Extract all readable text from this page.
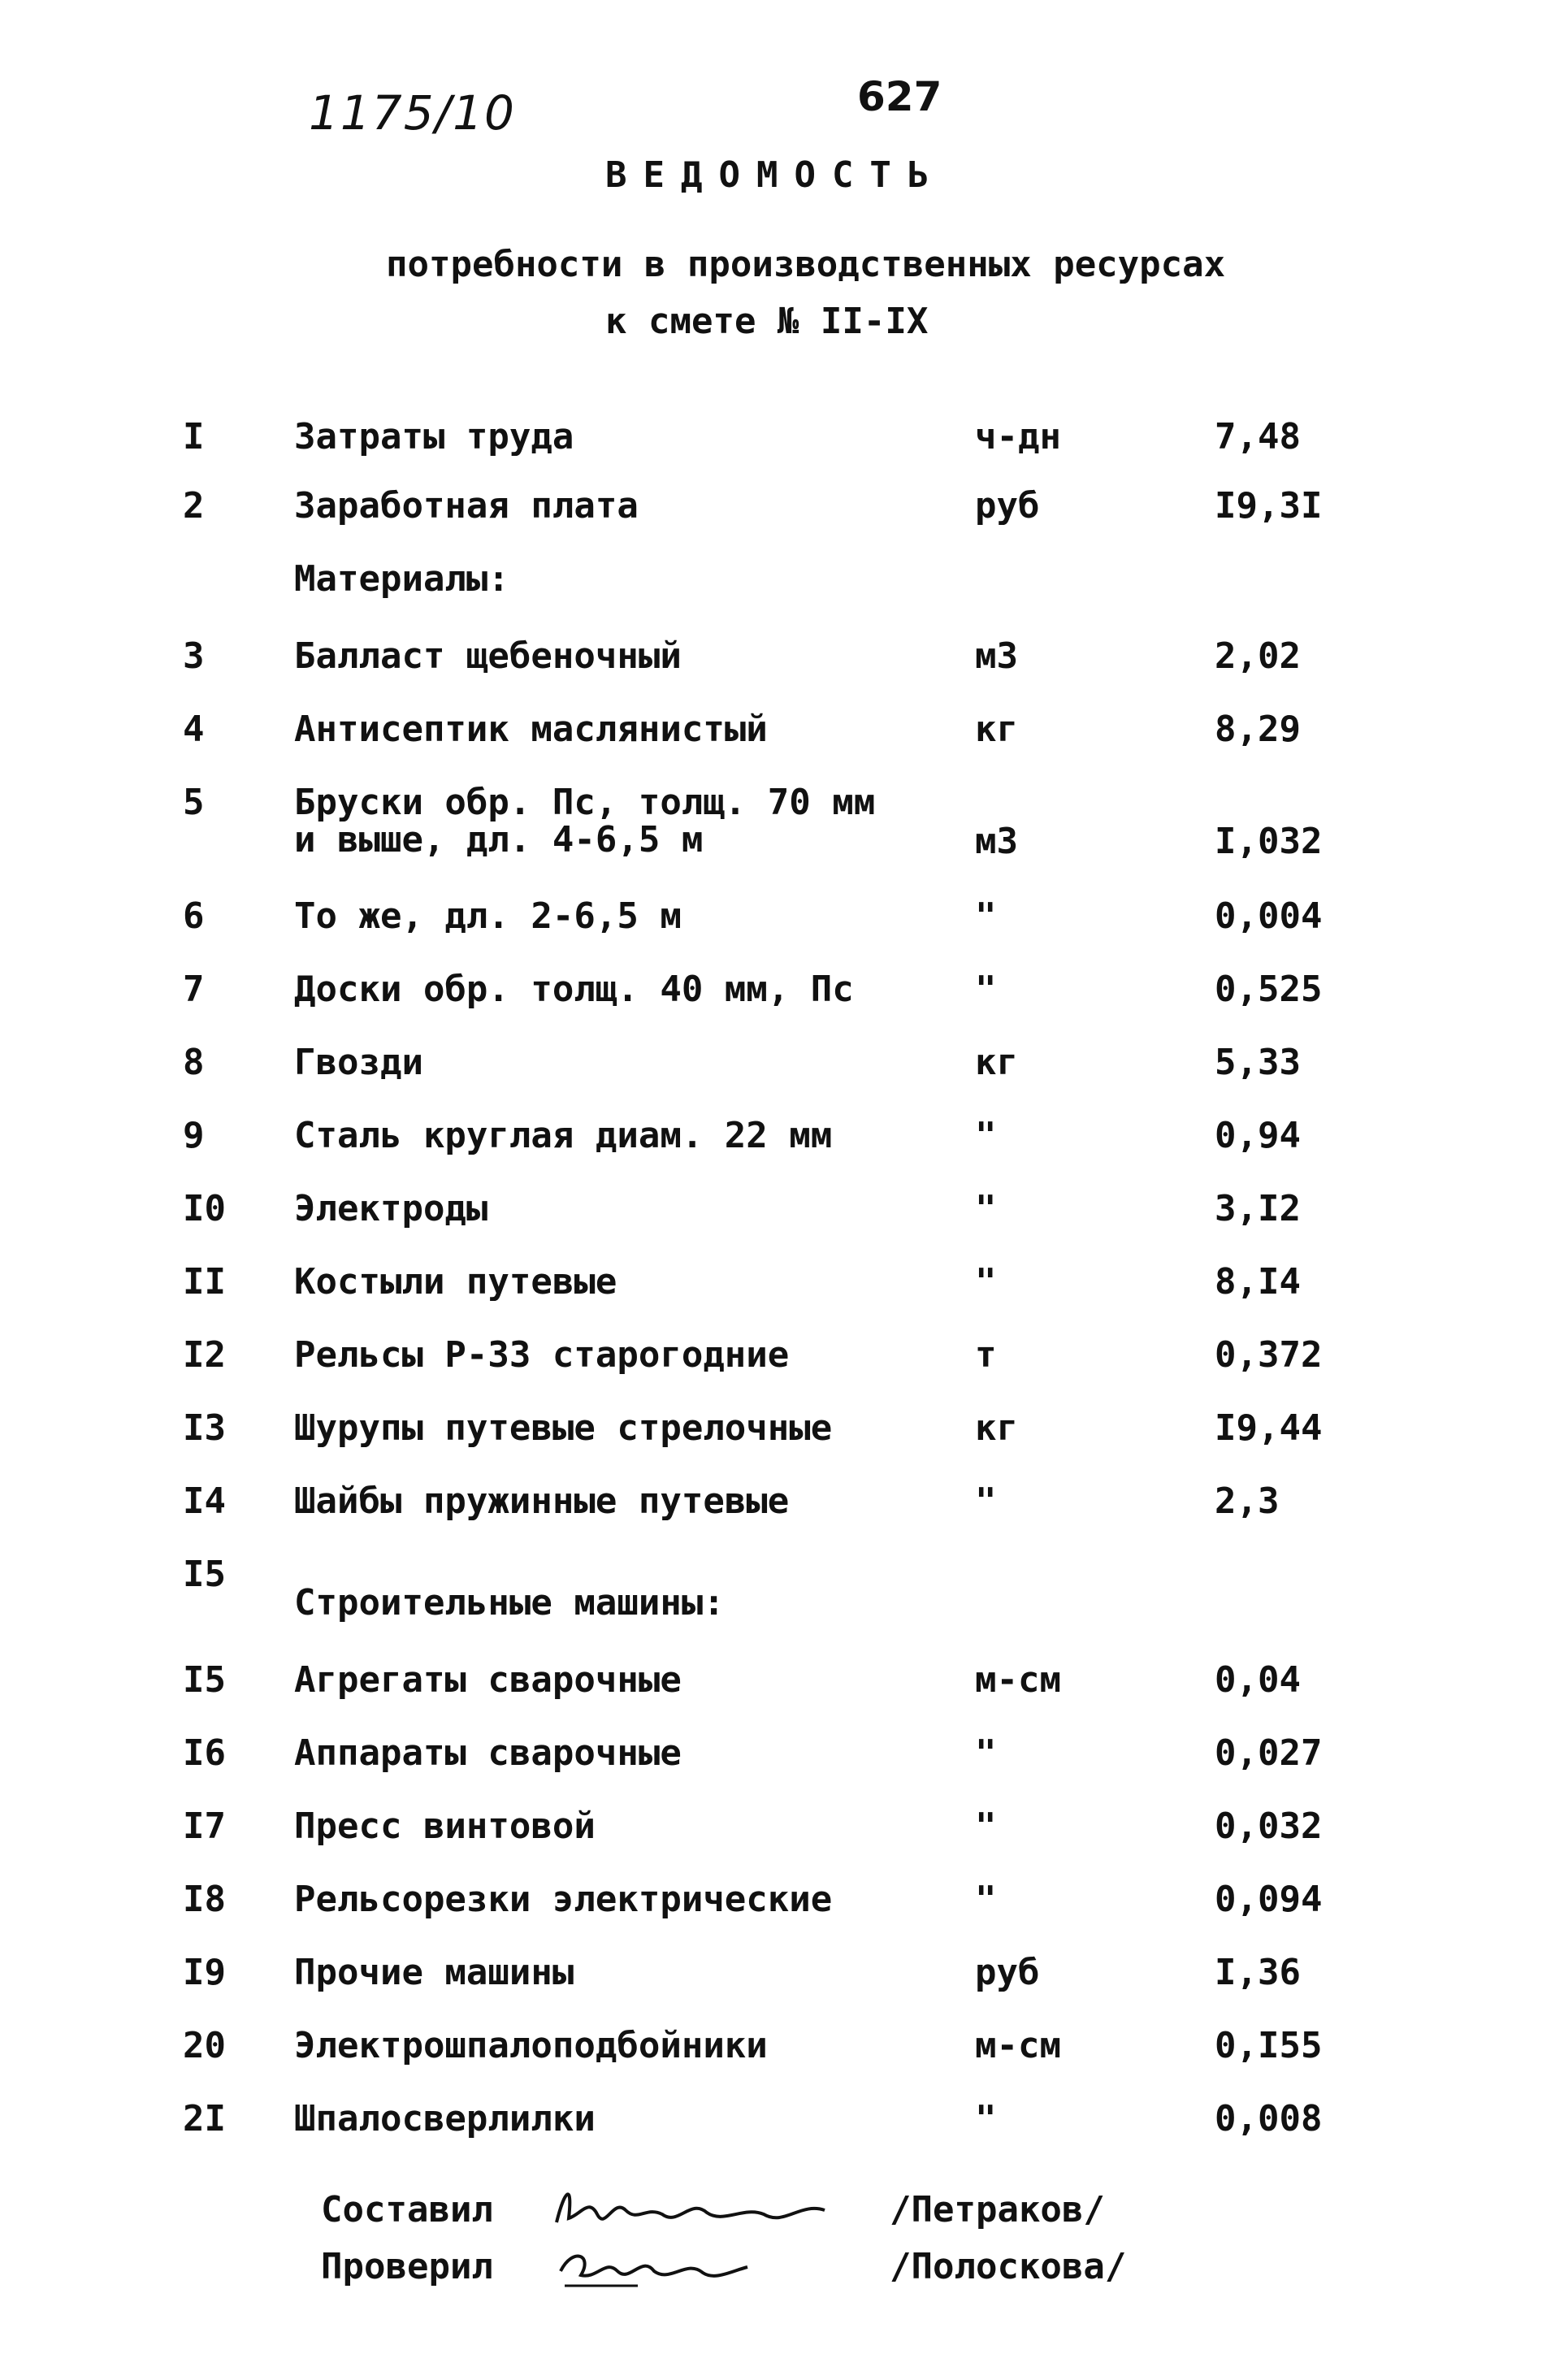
1175/10	627
ВЕДОМОСТЬ
потребности в производственных ресурсах
к смете № II-IX
I	Затраты труда	ч-дн	7,48
2	Заработная плата	руб	I9,3I
Материалы:
3	Балласт щебеночный	м3	2,02
4	Антисептик маслянистый	кг	8,29
5	Бруски обр. Пс, толщ. 70 мм
и выше, дл. 4-6,5 м	м3	I,032
6	То же, дл. 2-6,5 м	"	0,004
7	Доски обр. толщ. 40 мм, Пс	"	0,525
8	Гвозди	кг	5,33
9	Сталь круглая диам. 22 мм	"	0,94
I0 Электроды	"	3,I2
II Костыли путевые	"	8,I4
I2 Рельсы Р-33 старогодние	т	0,372
I3 Шурупы путевые стрелочные	кг	I9,44
I4 Шайбы пружинные путевые	"	2,3
I5
Строительные машины:
I5 Агрегаты сварочные	м-см	0,04
I6 Аппараты сварочные	"	0,027
I7 Пресс винтовой	"	0,032
I8 Рельсорезки электрические	"	0,094
I9 Прочие машины	руб	I,36
20 Электрошпалоподбойники	м-см	0,I55
2I Шпалосверлилки	"	0,008
Составил	/Петраков/
Проверил	/Полоскова/
